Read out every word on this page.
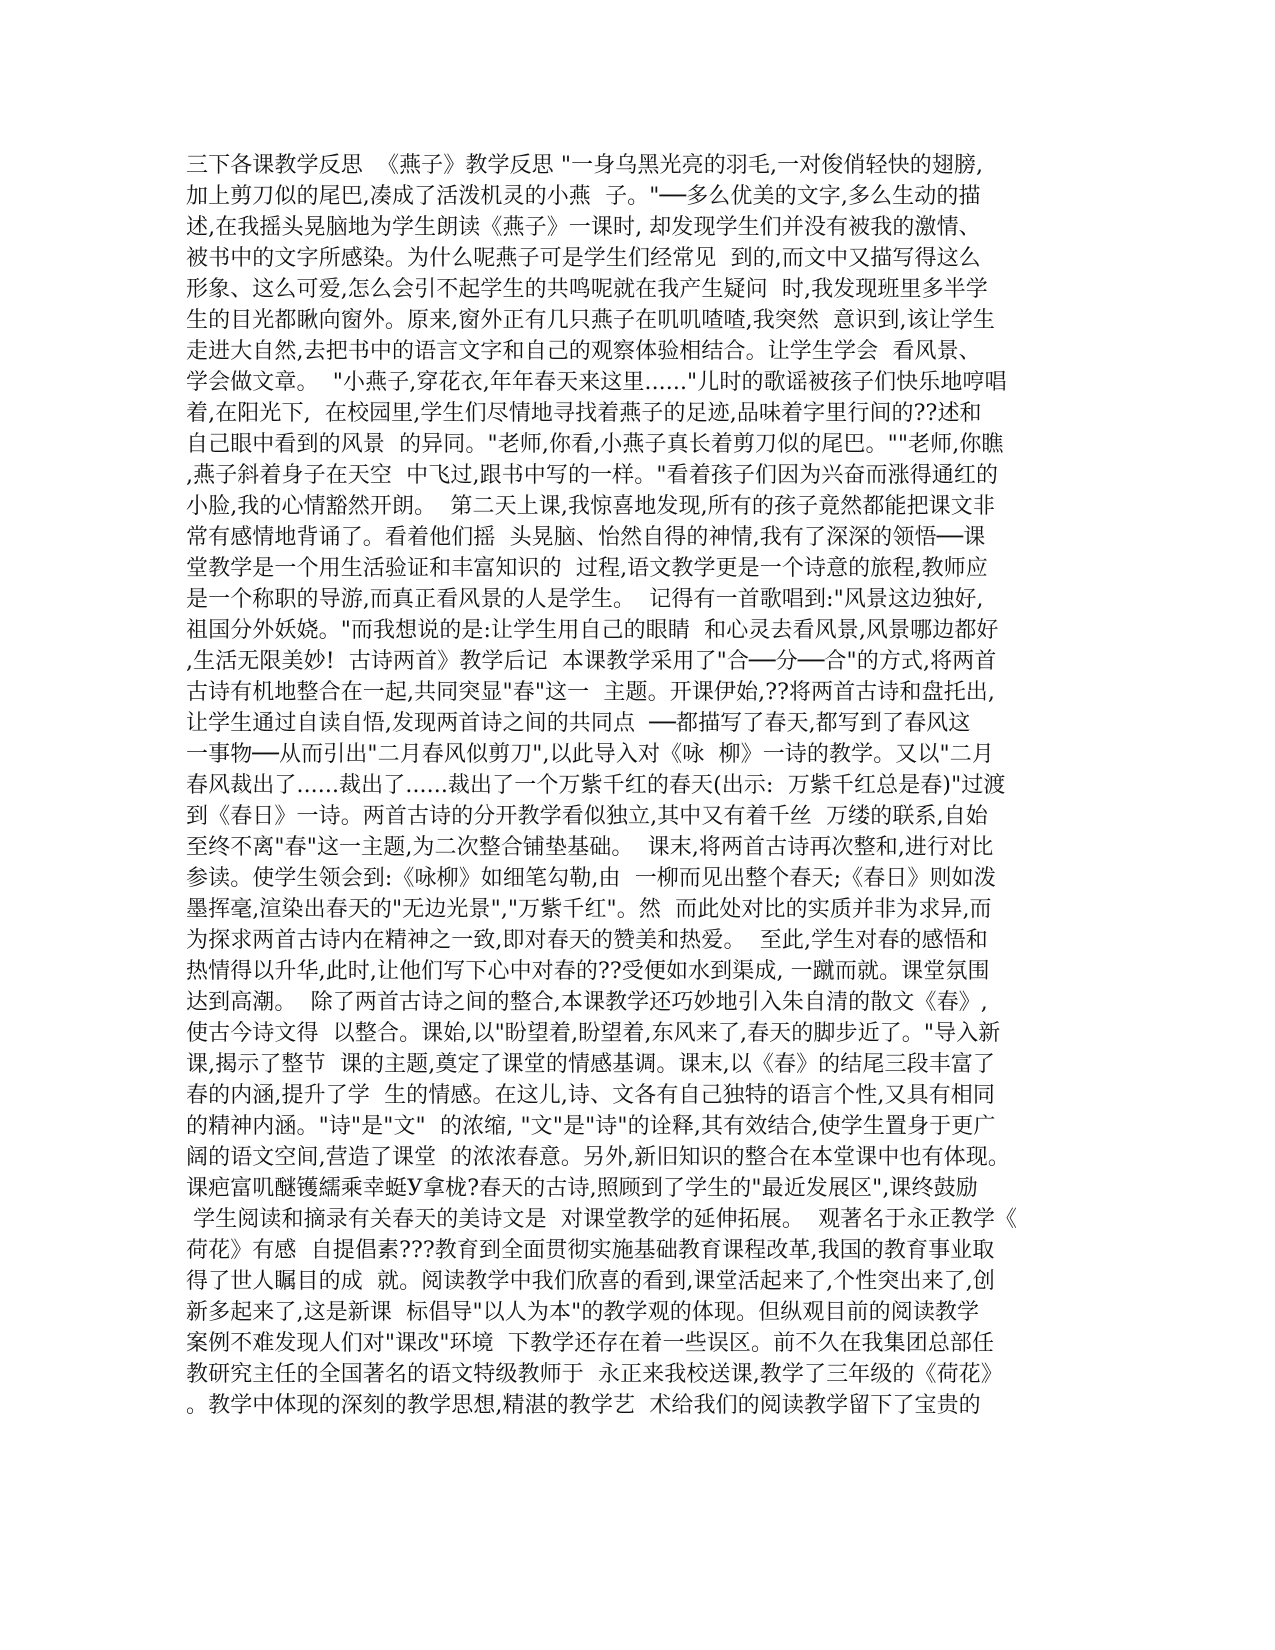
三下各课教学反思  《燕子》教学反思 "一身乌黑光亮的羽毛,一对俊俏轻快的翅膀,
加上剪刀似的尾巴,凑成了活泼机灵的小燕  子。"──多么优美的文字,多么生动的描
述,在我摇头晃脑地为学生朗读《燕子》一课时, 却发现学生们并没有被我的激情、
被书中的文字所感染。为什么呢燕子可是学生们经常见  到的,而文中又描写得这么
形象、这么可爱,怎么会引不起学生的共鸣呢就在我产生疑问  时,我发现班里多半学
生的目光都瞅向窗外。原来,窗外正有几只燕子在叽叽喳喳,我突然  意识到,该让学生
走进大自然,去把书中的语言文字和自己的观察体验相结合。让学生学会  看风景、
学会做文章。  "小燕子,穿花衣,年年春天来这里......"儿时的歌谣被孩子们快乐地哼唱
着,在阳光下,  在校园里,学生们尽情地寻找着燕子的足迹,品味着字里行间的??述和
自己眼中看到的风景  的异同。"老师,你看,小燕子真长着剪刀似的尾巴。""老师,你瞧
,燕子斜着身子在天空  中飞过,跟书中写的一样。"看着孩子们因为兴奋而涨得通红的
小脸,我的心情豁然开朗。  第二天上课,我惊喜地发现,所有的孩子竟然都能把课文非
常有感情地背诵了。看着他们摇  头晃脑、怡然自得的神情,我有了深深的领悟──课
堂教学是一个用生活验证和丰富知识的  过程,语文教学更是一个诗意的旅程,教师应
是一个称职的导游,而真正看风景的人是学生。  记得有一首歌唱到:"风景这边独好,
祖国分外妖娆。"而我想说的是:让学生用自己的眼睛  和心灵去看风景,风景哪边都好
,生活无限美妙!  古诗两首》教学后记  本课教学采用了"合──分──合"的方式,将两首
古诗有机地整合在一起,共同突显"春"这一  主题。开课伊始,??将两首古诗和盘托出,
让学生通过自读自悟,发现两首诗之间的共同点  ──都描写了春天,都写到了春风这
一事物──从而引出"二月春风似剪刀",以此导入对《咏  柳》一诗的教学。又以"二月
春风裁出了......裁出了......裁出了一个万紫千红的春天(出示:  万紫千红总是春)"过渡
到《春日》一诗。两首古诗的分开教学看似独立,其中又有着千丝  万缕的联系,自始
至终不离"春"这一主题,为二次整合铺垫基础。  课末,将两首古诗再次整和,进行对比
参读。使学生领会到:《咏柳》如细笔勾勒,由  一柳而见出整个春天;《春日》则如泼
墨挥毫,渲染出春天的"无边光景","万紫千红"。然  而此处对比的实质并非为求异,而
为探求两首古诗内在精神之一致,即对春天的赞美和热爱。  至此,学生对春的感悟和
热情得以升华,此时,让他们写下心中对春的??受便如水到渠成, 一蹴而就。课堂氛围
达到高潮。  除了两首古诗之间的整合,本课教学还巧妙地引入朱自清的散文《春》,
使古今诗文得  以整合。课始,以"盼望着,盼望着,东风来了,春天的脚步近了。"导入新
课,揭示了整节  课的主题,奠定了课堂的情感基调。课末,以《春》的结尾三段丰富了
春的内涵,提升了学  生的情感。在这儿,诗、文各有自己独特的语言个性,又具有相同
的精神内涵。"诗"是"文"  的浓缩, "文"是"诗"的诠释,其有效结合,使学生置身于更广
阔的语文空间,营造了课堂  的浓浓春意。另外,新旧知识的整合在本堂课中也有体现。
课疤富叽醚镬繻乘幸蜓У拿栊?春天的古诗,照顾到了学生的"最近发展区",课终鼓励
学生阅读和摘录有关春天的美诗文是  对课堂教学的延伸拓展。  观著名于永正教学《
荷花》有感  自提倡素???教育到全面贯彻实施基础教育课程改革,我国的教育事业取
得了世人瞩目的成  就。阅读教学中我们欣喜的看到,课堂活起来了,个性突出来了,创
新多起来了,这是新课  标倡导"以人为本"的教学观的体现。但纵观目前的阅读教学
案例不难发现人们对"课改"环境  下教学还存在着一些误区。前不久在我集团总部任
教研究主任的全国著名的语文特级教师于  永正来我校送课,教学了三年级的《荷花》
。教学中体现的深刻的教学思想,精湛的教学艺  术给我们的阅读教学留下了宝贵的
